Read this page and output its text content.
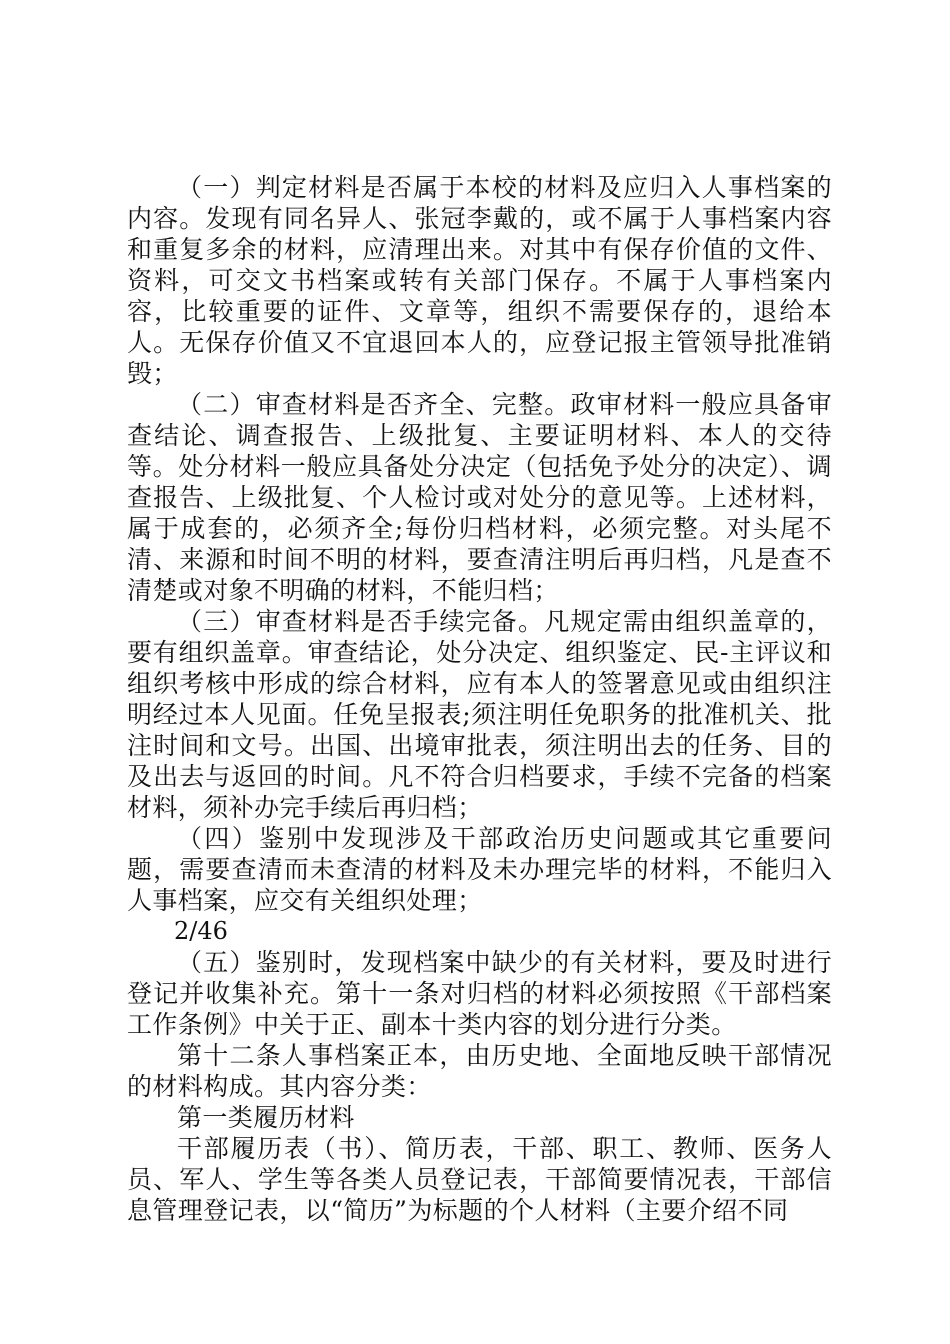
（一）判定材料是否属于本校的材料及应归入人事档案的内容。发现有同名异人、张冠李戴的，或不属于人事档案内容和重复多余的材料，应清理出来。对其中有保存价值的文件、资料，可交文书档案或转有关部门保存。不属于人事档案内容，比较重要的证件、文章等，组织不需要保存的，退给本人。无保存价值又不宜退回本人的，应登记报主管领导批准销毁；

（二）审查材料是否齐全、完整。政审材料一般应具备审查结论、调查报告、上级批复、主要证明材料、本人的交待等。处分材料一般应具备处分决定（包括免予处分的决定）、调查报告、上级批复、个人检讨或对处分的意见等。上述材料，属于成套的，必须齐全;每份归档材料，必须完整。对头尾不清、来源和时间不明的材料，要查清注明后再归档，凡是查不清楚或对象不明确的材料，不能归档；

（三）审查材料是否手续完备。凡规定需由组织盖章的，要有组织盖章。审查结论，处分决定、组织鉴定、民-主评议和组织考核中形成的综合材料，应有本人的签署意见或由组织注明经过本人见面。任免呈报表;须注明任免职务的批准机关、批注时间和文号。出国、出境审批表，须注明出去的任务、目的及出去与返回的时间。凡不符合归档要求，手续不完备的档案材料，须补办完手续后再归档；

（四）鉴别中发现涉及干部政治历史问题或其它重要问题，需要查清而未查清的材料及未办理完毕的材料，不能归入人事档案，应交有关组织处理；

2/46

（五）鉴别时，发现档案中缺少的有关材料，要及时进行登记并收集补充。第十一条对归档的材料必须按照《干部档案工作条例》中关于正、副本十类内容的划分进行分类。

第十二条人事档案正本，由历史地、全面地反映干部情况的材料构成。其内容分类：

第一类履历材料

干部履历表（书）、简历表，干部、职工、教师、医务人员、军人、学生等各类人员登记表，干部简要情况表，干部信息管理登记表，以“简历”为标题的个人材料（主要介绍不同
